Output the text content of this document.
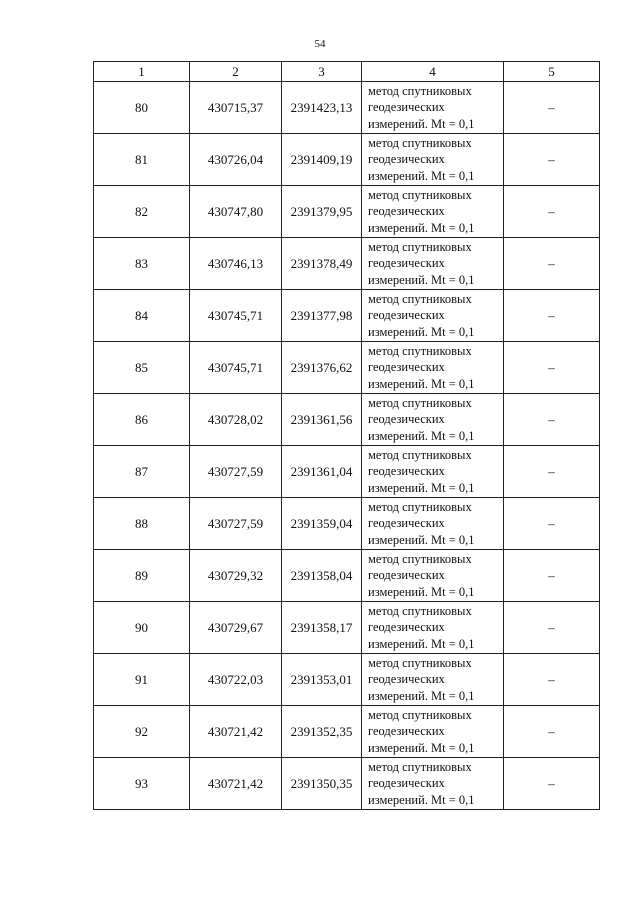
54
1	2	3	4	5
80	430715,37	2391423,13	метод спутниковых
геодезических
измерений. Mt = 0,1	–
81	430726,04	2391409,19	метод спутниковых
геодезических
измерений. Mt = 0,1	–
82	430747,80	2391379,95	метод спутниковых
геодезических
измерений. Mt = 0,1	–
83	430746,13	2391378,49	метод спутниковых
геодезических
измерений. Mt = 0,1	–
84	430745,71	2391377,98	метод спутниковых
геодезических
измерений. Mt = 0,1	–
85	430745,71	2391376,62	метод спутниковых
геодезических
измерений. Mt = 0,1	–
86	430728,02	2391361,56	метод спутниковых
геодезических
измерений. Mt = 0,1	–
87	430727,59	2391361,04	метод спутниковых
геодезических
измерений. Mt = 0,1	–
88	430727,59	2391359,04	метод спутниковых
геодезических
измерений. Mt = 0,1	–
89	430729,32	2391358,04	метод спутниковых
геодезических
измерений. Mt = 0,1	–
90	430729,67	2391358,17	метод спутниковых
геодезических
измерений. Mt = 0,1	–
91	430722,03	2391353,01	метод спутниковых
геодезических
измерений. Mt = 0,1	–
92	430721,42	2391352,35	метод спутниковых
геодезических
измерений. Mt = 0,1	–
93	430721,42	2391350,35	метод спутниковых
геодезических
измерений. Mt = 0,1	–
